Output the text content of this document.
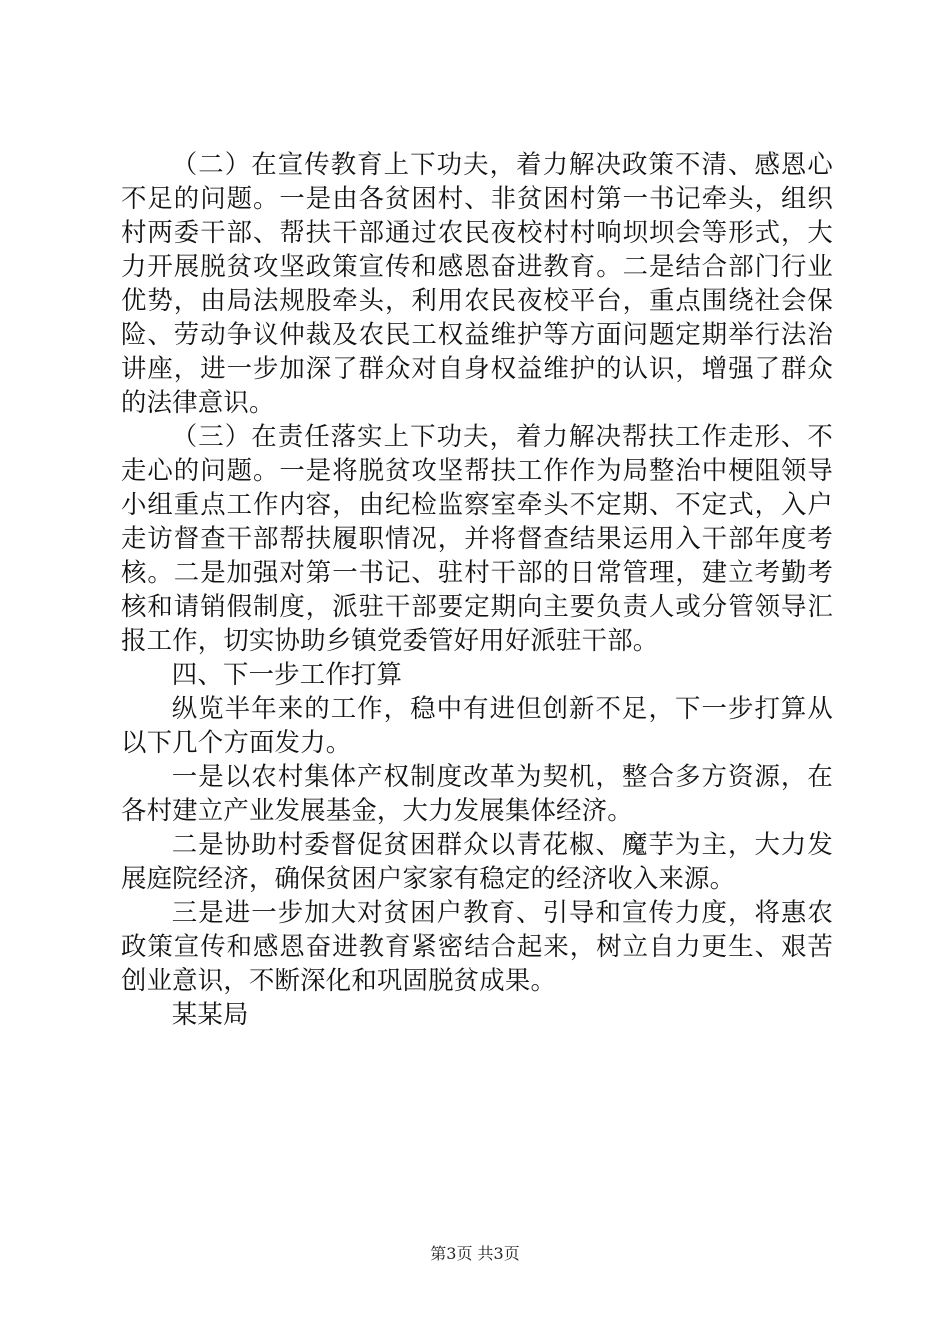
（二）在宣传教育上下功夫，着力解决政策不清、感恩心不足的问题。一是由各贫困村、非贫困村第一书记牵头，组织村两委干部、帮扶干部通过农民夜校村村响坝坝会等形式，大力开展脱贫攻坚政策宣传和感恩奋进教育。二是结合部门行业优势，由局法规股牵头，利用农民夜校平台，重点围绕社会保险、劳动争议仲裁及农民工权益维护等方面问题定期举行法治讲座，进一步加深了群众对自身权益维护的认识，增强了群众的法律意识。

（三）在责任落实上下功夫，着力解决帮扶工作走形、不走心的问题。一是将脱贫攻坚帮扶工作作为局整治中梗阻领导小组重点工作内容，由纪检监察室牵头不定期、不定式，入户走访督查干部帮扶履职情况，并将督查结果运用入干部年度考核。二是加强对第一书记、驻村干部的日常管理，建立考勤考核和请销假制度，派驻干部要定期向主要负责人或分管领导汇报工作，切实协助乡镇党委管好用好派驻干部。

四、下一步工作打算

纵览半年来的工作，稳中有进但创新不足，下一步打算从以下几个方面发力。

一是以农村集体产权制度改革为契机，整合多方资源，在各村建立产业发展基金，大力发展集体经济。

二是协助村委督促贫困群众以青花椒、魔芋为主，大力发展庭院经济，确保贫困户家家有稳定的经济收入来源。

三是进一步加大对贫困户教育、引导和宣传力度，将惠农政策宣传和感恩奋进教育紧密结合起来，树立自力更生、艰苦创业意识，不断深化和巩固脱贫成果。

某某局

第3页 共3页
